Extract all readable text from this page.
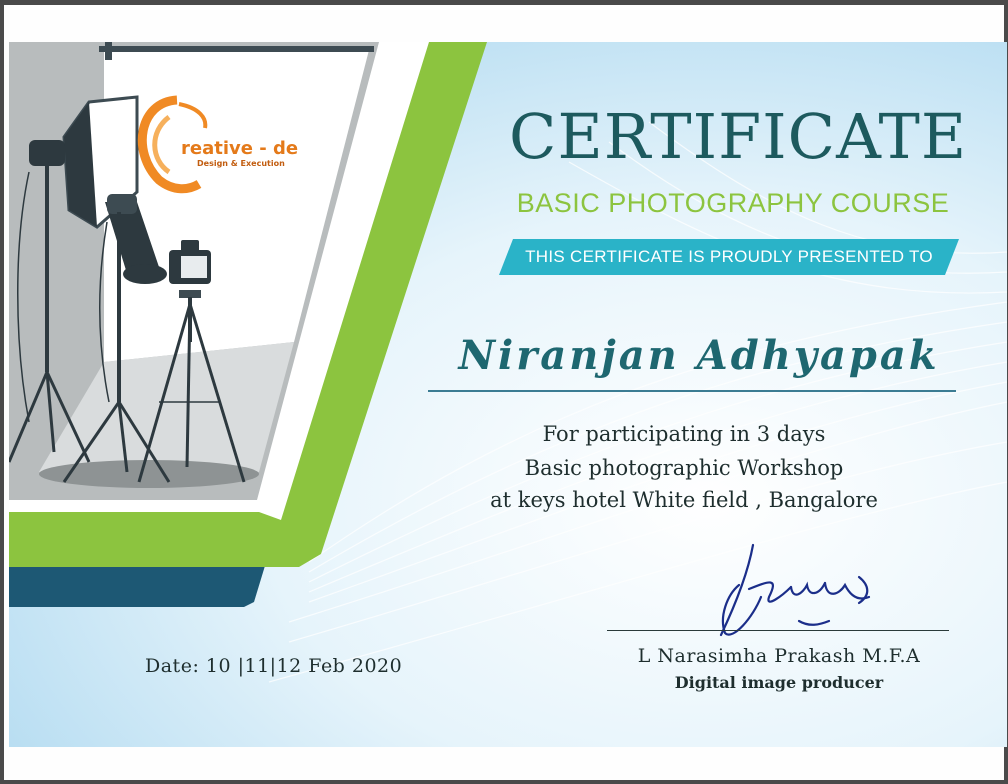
reative - de
Design & Execution	CERTIFICATE
BASIC PHOTOGRAPHY COURSE
THIS CERTIFICATE IS PROUDLY PRESENTED TO
Niranjan Adhyapak
For participating in 3 days
Basic photographic Workshop
at keys hotel White field , Bangalore
Date: 10 |11|12 Feb 2020	L Narasimha Prakash M.F.A
Digital image producer
